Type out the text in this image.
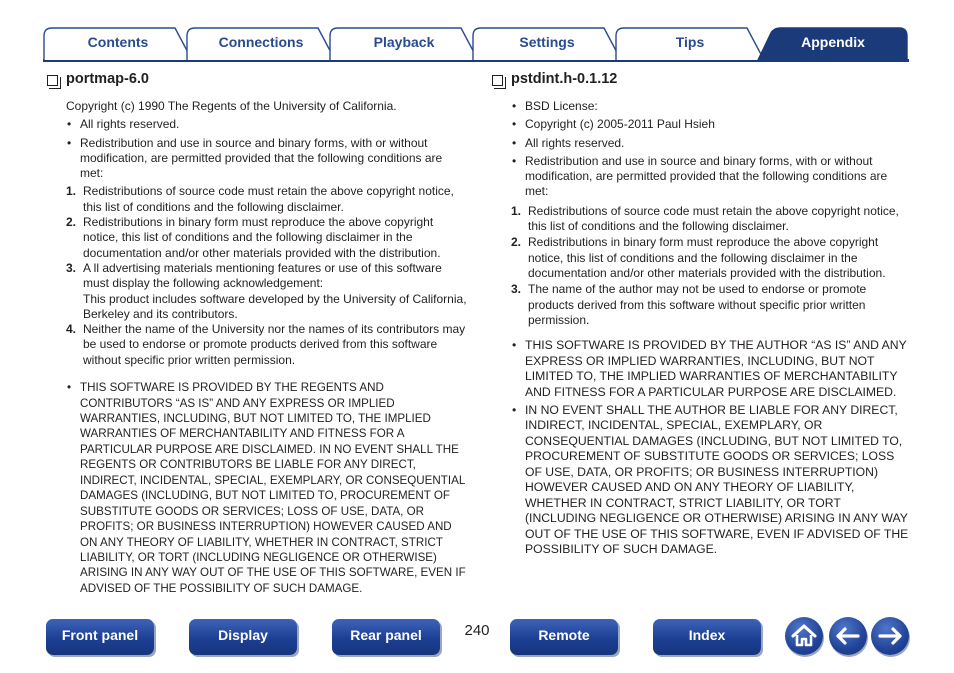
Contents	Connections	Playback	Settings	Tips	Appendix
portmap-6.0

Copyright (c) 1990 The Regents of the University of California.

• All rights reserved.
• Redistribution and use in source and binary forms, with or without modification, are permitted provided that the following conditions are met:
1. Redistributions of source code must retain the above copyright notice, this list of conditions and the following disclaimer.
2. Redistributions in binary form must reproduce the above copyright notice, this list of conditions and the following disclaimer in the documentation and/or other materials provided with the distribution.
3. A ll advertising materials mentioning features or use of this software must display the following acknowledgement:
This product includes software developed by the University of California, Berkeley and its contributors.
4. Neither the name of the University nor the names of its contributors may be used to endorse or promote products derived from this software without specific prior written permission.
• THIS SOFTWARE IS PROVIDED BY THE REGENTS AND CONTRIBUTORS “AS IS” AND ANY EXPRESS OR IMPLIED WARRANTIES, INCLUDING, BUT NOT LIMITED TO, THE IMPLIED WARRANTIES OF MERCHANTABILITY AND FITNESS FOR A PARTICULAR PURPOSE ARE DISCLAIMED. IN NO EVENT SHALL THE REGENTS OR CONTRIBUTORS BE LIABLE FOR ANY DIRECT, INDIRECT, INCIDENTAL, SPECIAL, EXEMPLARY, OR CONSEQUENTIAL DAMAGES (INCLUDING, BUT NOT LIMITED TO, PROCUREMENT OF SUBSTITUTE GOODS OR SERVICES; LOSS OF USE, DATA, OR PROFITS; OR BUSINESS INTERRUPTION) HOWEVER CAUSED AND ON ANY THEORY OF LIABILITY, WHETHER IN CONTRACT, STRICT LIABILITY, OR TORT (INCLUDING NEGLIGENCE OR OTHERWISE) ARISING IN ANY WAY OUT OF THE USE OF THIS SOFTWARE, EVEN IF ADVISED OF THE POSSIBILITY OF SUCH DAMAGE.
pstdint.h-0.1.12
• BSD License:
• Copyright (c) 2005-2011 Paul Hsieh
• All rights reserved.
• Redistribution and use in source and binary forms, with or without modification, are permitted provided that the following conditions are met:
1. Redistributions of source code must retain the above copyright notice, this list of conditions and the following disclaimer.
2. Redistributions in binary form must reproduce the above copyright notice, this list of conditions and the following disclaimer in the documentation and/or other materials provided with the distribution.
3. The name of the author may not be used to endorse or promote products derived from this software without specific prior written permission.
• THIS SOFTWARE IS PROVIDED BY THE AUTHOR “AS IS” AND ANY EXPRESS OR IMPLIED WARRANTIES, INCLUDING, BUT NOT LIMITED TO, THE IMPLIED WARRANTIES OF MERCHANTABILITY AND FITNESS FOR A PARTICULAR PURPOSE ARE DISCLAIMED.
• IN NO EVENT SHALL THE AUTHOR BE LIABLE FOR ANY DIRECT, INDIRECT, INCIDENTAL, SPECIAL, EXEMPLARY, OR CONSEQUENTIAL DAMAGES (INCLUDING, BUT NOT LIMITED TO, PROCUREMENT OF SUBSTITUTE GOODS OR SERVICES; LOSS OF USE, DATA, OR PROFITS; OR BUSINESS INTERRUPTION) HOWEVER CAUSED AND ON ANY THEORY OF LIABILITY, WHETHER IN CONTRACT, STRICT LIABILITY, OR TORT (INCLUDING NEGLIGENCE OR OTHERWISE) ARISING IN ANY WAY OUT OF THE USE OF THIS SOFTWARE, EVEN IF ADVISED OF THE POSSIBILITY OF SUCH DAMAGE.
Front panel	Display	Rear panel	240	Remote	Index
